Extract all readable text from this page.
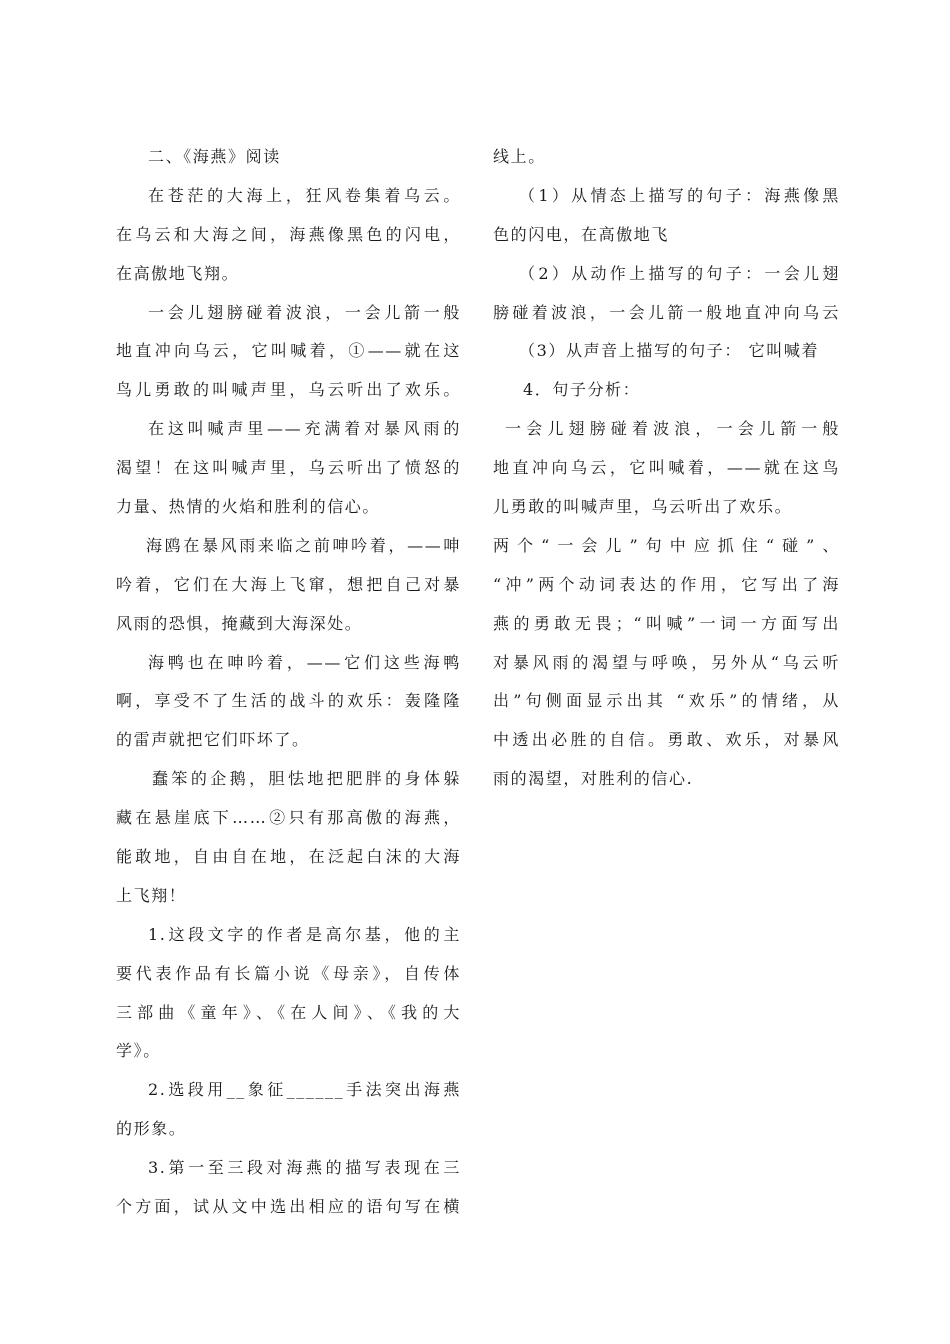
二、《海燕》阅读
在苍茫的大海上，狂风卷集着乌云。
在乌云和大海之间，海燕像黑色的闪电，
在高傲地飞翔。
一会儿翅膀碰着波浪，一会儿箭一般
地直冲向乌云，它叫喊着，①——就在这
鸟儿勇敢的叫喊声里，乌云听出了欢乐。
在这叫喊声里——充满着对暴风雨的
渴望！在这叫喊声里，乌云听出了愤怒的
力量、热情的火焰和胜利的信心。
海鸥在暴风雨来临之前呻吟着，——呻
吟着，它们在大海上飞窜，想把自己对暴
风雨的恐惧，掩藏到大海深处。
海鸭也在呻吟着，——它们这些海鸭
啊，享受不了生活的战斗的欢乐：轰隆隆
的雷声就把它们吓坏了。
蠢笨的企鹅，胆怯地把肥胖的身体躲
藏在悬崖底下……②只有那高傲的海燕，
能敢地，自由自在地，在泛起白沫的大海
上飞翔！
1.这段文字的作者是高尔基，他的主
要代表作品有长篇小说《母亲》，自传体
三部曲《童年》、《在人间》、《我的大
学》。
2.选段用__象征______手法突出海燕
的形象。
3.第一至三段对海燕的描写表现在三
个方面，试从文中选出相应的语句写在横
线上。
（1）从情态上描写的句子：海燕像黑
色的闪电，在高傲地飞
（2）从动作上描写的句子：一会儿翅
膀碰着波浪，一会儿箭一般地直冲向乌云
（3）从声音上描写的句子： 它叫喊着
4．句子分析：
一会儿翅膀碰着波浪，一会儿箭一般
地直冲向乌云，它叫喊着，——就在这鸟
儿勇敢的叫喊声里，乌云听出了欢乐。
两个“一会儿”句中应抓住“碰”、
“冲”两个动词表达的作用，它写出了海
燕的勇敢无畏；“叫喊”一词一方面写出
对暴风雨的渴望与呼唤，另外从“乌云听
出”句侧面显示出其 “欢乐”的情绪，从
中透出必胜的自信。勇敢、欢乐，对暴风
雨的渴望，对胜利的信心.
